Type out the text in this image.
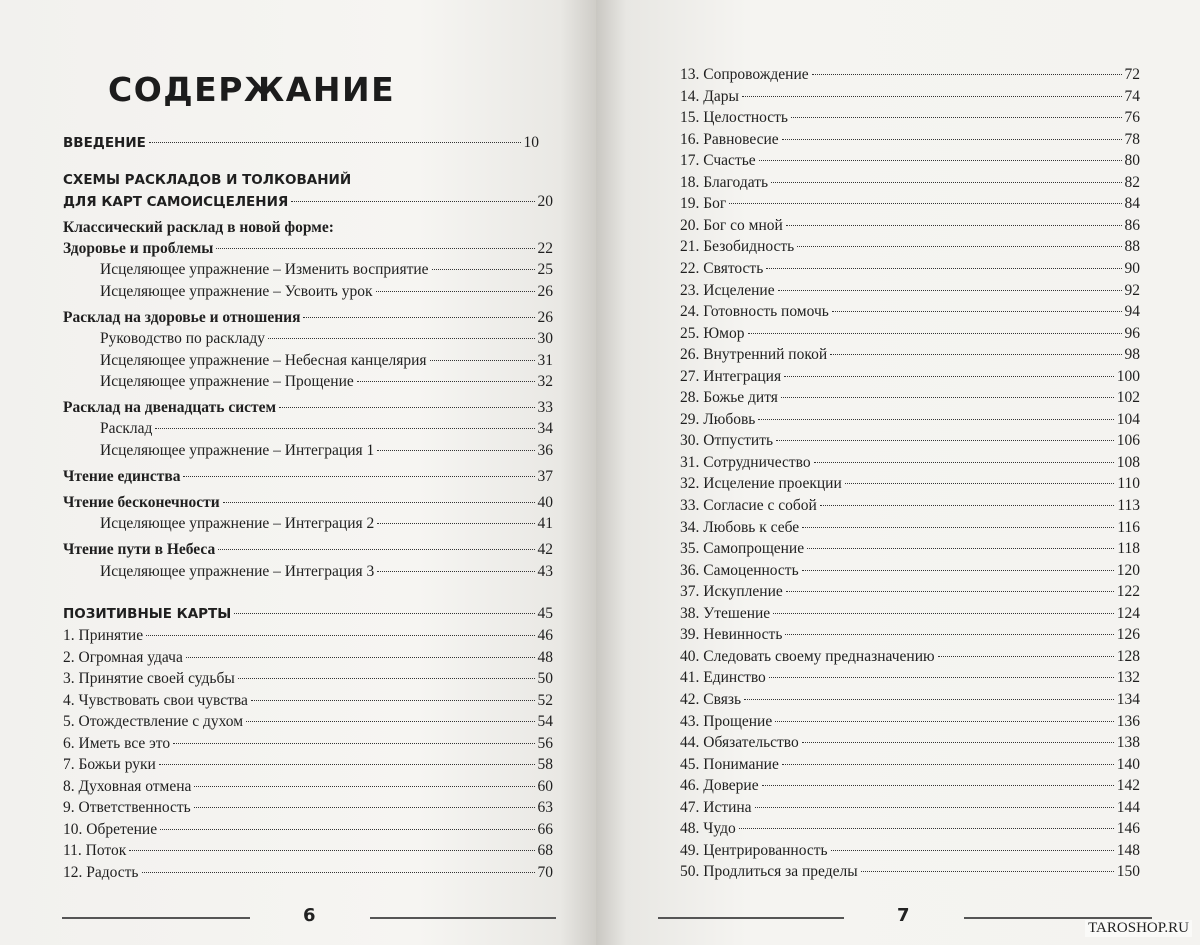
СОДЕРЖАНИЕ
ВВЕДЕНИЕ	10
СХЕМЫ РАСКЛАДОВ И ТОЛКОВАНИЙ
ДЛЯ КАРТ САМОИСЦЕЛЕНИЯ	20
Классический расклад в новой форме:
Здоровье и проблемы	22
Исцеляющее упражнение – Изменить восприятие	25
Исцеляющее упражнение – Усвоить урок	26
Расклад на здоровье и отношения	26
Руководство по раскладу	30
Исцеляющее упражнение – Небесная канцелярия	31
Исцеляющее упражнение – Прощение	32
Расклад на двенадцать систем	33
Расклад	34
Исцеляющее упражнение – Интеграция 1	36
Чтение единства	37
Чтение бесконечности	40
Исцеляющее упражнение – Интеграция 2	41
Чтение пути в Небеса	42
Исцеляющее упражнение – Интеграция 3	43
ПОЗИТИВНЫЕ КАРТЫ	45
1. Принятие	46
2. Огромная удача	48
3. Принятие своей судьбы	50
4. Чувствовать свои чувства	52
5. Отождествление с духом	54
6. Иметь все это	56
7. Божьи руки	58
8. Духовная отмена	60
9. Ответственность	63
10. Обретение	66
11. Поток	68
12. Радость	70
6
13. Сопровождение	72
14. Дары	74
15. Целостность	76
16. Равновесие	78
17. Счастье	80
18. Благодать	82
19. Бог	84
20. Бог со мной	86
21. Безобидность	88
22. Святость	90
23. Исцеление	92
24. Готовность помочь	94
25. Юмор	96
26. Внутренний покой	98
27. Интеграция	100
28. Божье дитя	102
29. Любовь	104
30. Отпустить	106
31. Сотрудничество	108
32. Исцеление проекции	110
33. Согласие с собой	113
34. Любовь к себе	116
35. Самопрощение	118
36. Самоценность	120
37. Искупление	122
38. Утешение	124
39. Невинность	126
40. Следовать своему предназначению	128
41. Единство	132
42. Связь	134
43. Прощение	136
44. Обязательство	138
45. Понимание	140
46. Доверие	142
47. Истина	144
48. Чудо	146
49. Центрированность	148
50. Продлиться за пределы	150
7
TAROSHOP.RU
